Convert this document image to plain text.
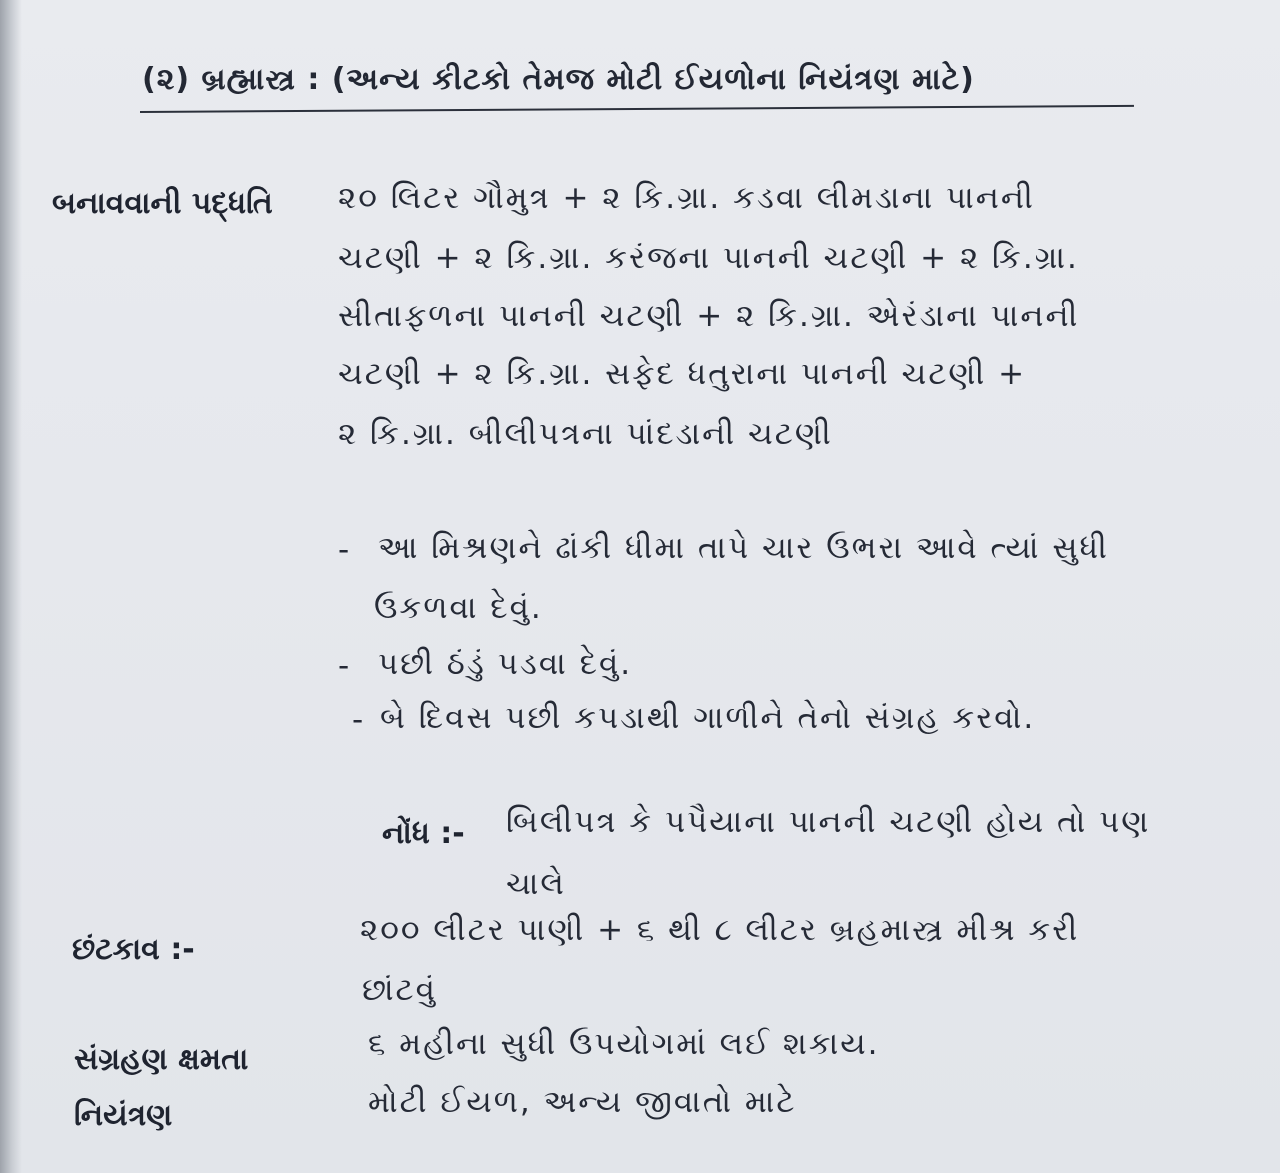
(૨) બ્રહ્માસ્ત્ર : (અન્ય કીટકો તેમજ મોટી ઈયળોના નિયંત્રણ માટે)
બનાવવાની પદ્ધતિ ૨૦ લિટર ગૌમુત્ર + ૨ કિ.ગ્રા. કડવા લીમડાના પાનની
ચટણી + ૨ કિ.ગ્રા. કરંજના પાનની ચટણી + ૨ કિ.ગ્રા.
સીતાફળના પાનની ચટણી + ૨ કિ.ગ્રા. એરંડાના પાનની
ચટણી + ૨ કિ.ગ્રા. સફેદ ધતુરાના પાનની ચટણી +
૨ કિ.ગ્રા. બીલીપત્રના પાંદડાની ચટણી
- આ મિશ્રણને ઢાંકી ધીમા તાપે ચાર ઉભરા આવે ત્યાં સુધી
ઉકળવા દેવું.
- પછી ઠંડું પડવા દેવું.
- બે દિવસ પછી કપડાથી ગાળીને તેનો સંગ્રહ કરવો.
નોંધ :- બિલીપત્ર કે પપૈયાના પાનની ચટણી હોય તો પણ
ચાલે
છંટકાવ :-
૨૦૦ લીટર પાણી + ૬ થી ૮ લીટર બ્રહમાસ્ત્ર મીશ્ર કરી
છાંટવું
સંગ્રહણ ક્ષમતા	૬ મહીના સુધી ઉપયોગમાં લઈ શકાય.
નિયંત્રણ	મોટી ઈયળ, અન્ય જીવાતો માટે
